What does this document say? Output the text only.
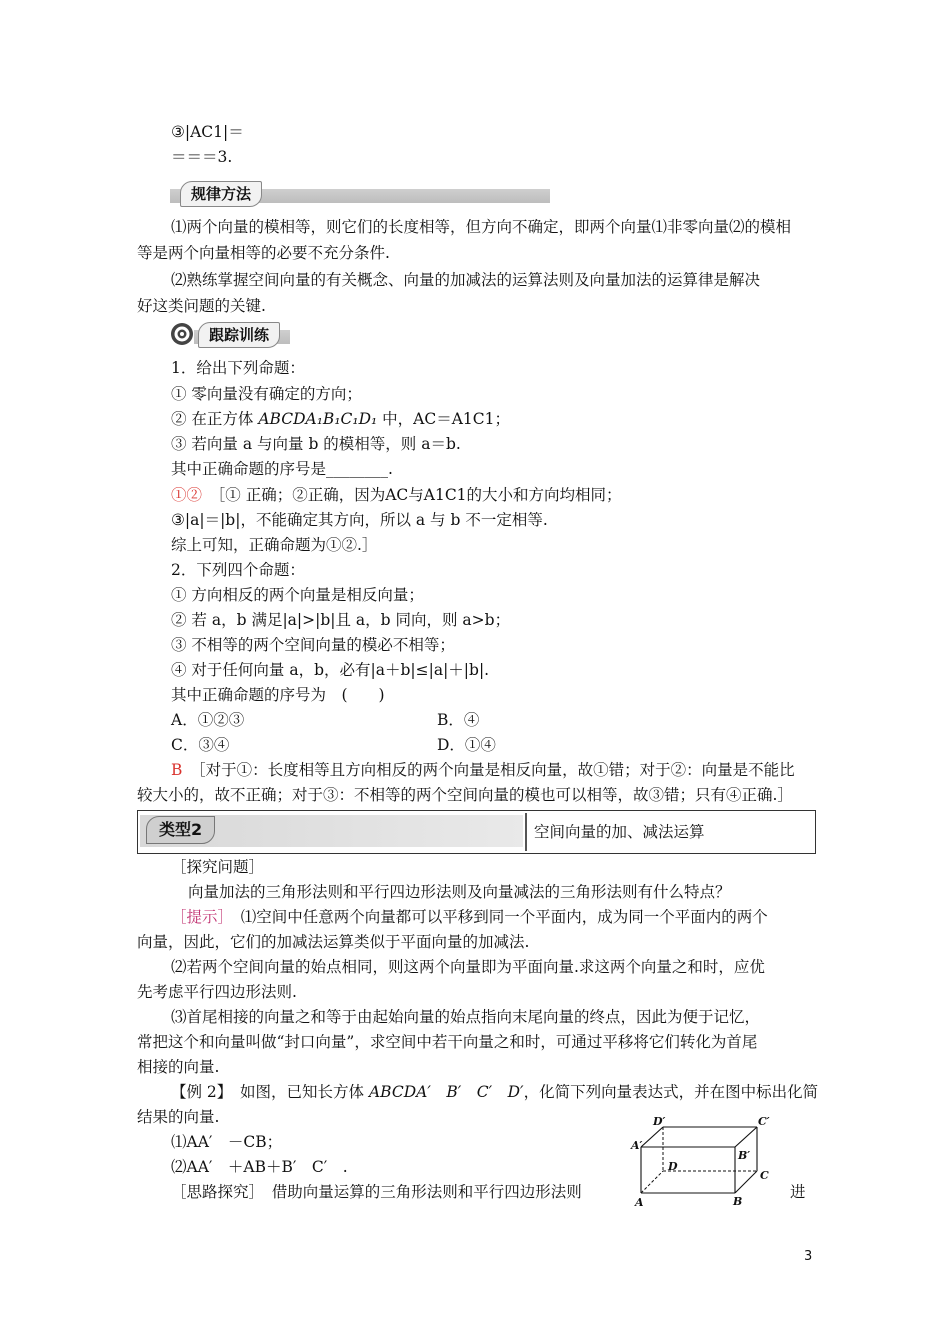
③|AC1|＝
＝＝＝3.
规律方法
⑴两个向量的模相等，则它们的长度相等，但方向不确定，即两个向量⑴非零向量⑵的模相
等是两个向量相等的必要不充分条件.
⑵熟练掌握空间向量的有关概念、向量的加减法的运算法则及向量加法的运算律是解决
好这类问题的关键.
跟踪训练
1．给出下列命题：
① 零向量没有确定的方向；
② 在正方体 ABCDA₁B₁C₁D₁ 中，AC＝A1C1；
③ 若向量 a 与向量 b 的模相等，则 a＝b.
其中正确命题的序号是________.
①②　 ［① 正确；②正确，因为AC与A1C1的大小和方向均相同；
③|a|＝|b|，不能确定其方向，所以 a 与 b 不一定相等.
综上可知，正确命题为①②.］
2．下列四个命题：
① 方向相反的两个向量是相反向量；
② 若 a，b 满足|a|>|b|且 a，b 同向，则 a>b；
③ 不相等的两个空间向量的模必不相等；
④ 对于任何向量 a，b，必有|a＋b|≤|a|＋|b|.
其中正确命题的序号为　(　　)
A．①②③	B．④
C．③④	D．①④
B　 ［对于①：长度相等且方向相反的两个向量是相反向量，故①错；对于②：向量是不能比
较大小的，故不正确；对于③：不相等的两个空间向量的模也可以相等，故③错；只有④正确.］
类型2	空间向量的加、减法运算
［探究问题］
向量加法的三角形法则和平行四边形法则及向量减法的三角形法则有什么特点？
［提示］　 ⑴空间中任意两个向量都可以平移到同一个平面内，成为同一个平面内的两个
向量，因此，它们的加减法运算类似于平面向量的加减法.
⑵若两个空间向量的始点相同，则这两个向量即为平面向量.求这两个向量之和时，应优
先考虑平行四边形法则.
⑶首尾相接的向量之和等于由起始向量的始点指向末尾向量的终点，因此为便于记忆，
常把这个和向量叫做“封口向量”，求空间中若干向量之和时，可通过平移将它们转化为首尾
相接的向量.
【例 2】　如图，已知长方体 ABCDA′　B′　C′　D′，化简下列向量表达式，并在图中标出化简
结果的向量.
⑴AA′　－CB；
⑵AA′　＋AB＋B′　C′　.
［思路探究］　借助向量运算的三角形法则和平行四边形法则	进
D′	C′
A′
B′
D
C
A	B
3
